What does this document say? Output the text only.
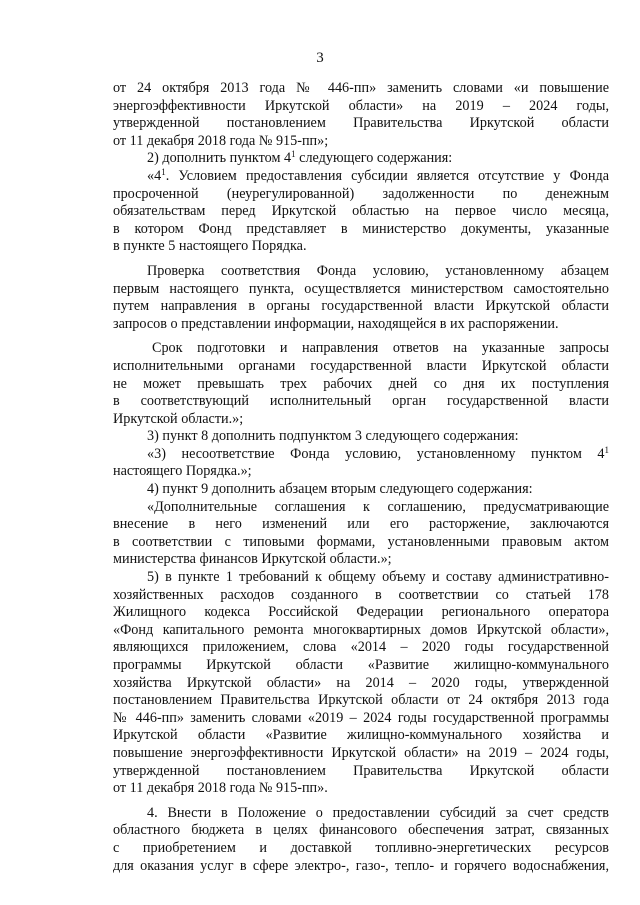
3

от 24 октября 2013 года № 446-пп» заменить словами «и повышение

энергоэффективности Иркутской области» на 2019 – 2024 годы,

утвержденной постановлением Правительства Иркутской области

от 11 декабря 2018 года № 915-пп»;

2) дополнить пунктом $4^1$ следующего содержания:

«$4^1$. Условием предоставления субсидии является отсутствие у Фонда

просроченной (неурегулированной) задолженности по денежным

обязательствам перед Иркутской областью на первое число месяца,

в котором Фонд представляет в министерство документы, указанные

в пункте 5 настоящего Порядка.

Проверка соответствия Фонда условию, установленному абзацем

первым настоящего пункта, осуществляется министерством самостоятельно

путем направления в органы государственной власти Иркутской области

запросов о представлении информации, находящейся в их распоряжении.

Срок подготовки и направления ответов на указанные запросы

исполнительными органами государственной власти Иркутской области

не может превышать трех рабочих дней со дня их поступления

в соответствующий исполнительный орган государственной власти

Иркутской области.»;

3) пункт 8 дополнить подпунктом 3 следующего содержания:

«3) несоответствие Фонда условию, установленному пунктом $4^1$

настоящего Порядка.»;

4) пункт 9 дополнить абзацем вторым следующего содержания:

«Дополнительные соглашения к соглашению, предусматривающие

внесение в него изменений или его расторжение, заключаются

в соответствии с типовыми формами, установленными правовым актом

министерства финансов Иркутской области.»;

5) в пункте 1 требований к общему объему и составу административно-

хозяйственных расходов созданного в соответствии со статьей 178

Жилищного кодекса Российской Федерации регионального оператора

«Фонд капитального ремонта многоквартирных домов Иркутской области»,

являющихся приложением, слова «2014 – 2020 годы государственной

программы Иркутской области «Развитие жилищно-коммунального

хозяйства Иркутской области» на 2014 – 2020 годы, утвержденной

постановлением Правительства Иркутской области от 24 октября 2013 года

№ 446-пп» заменить словами «2019 – 2024 годы государственной программы

Иркутской области «Развитие жилищно-коммунального хозяйства и

повышение энергоэффективности Иркутской области» на 2019 – 2024 годы,

утвержденной постановлением Правительства Иркутской области

от 11 декабря 2018 года № 915-пп».

4. Внести в Положение о предоставлении субсидий за счет средств

областного бюджета в целях финансового обеспечения затрат, связанных

с приобретением и доставкой топливно-энергетических ресурсов

для оказания услуг в сфере электро-, газо-, тепло- и горячего водоснабжения,
